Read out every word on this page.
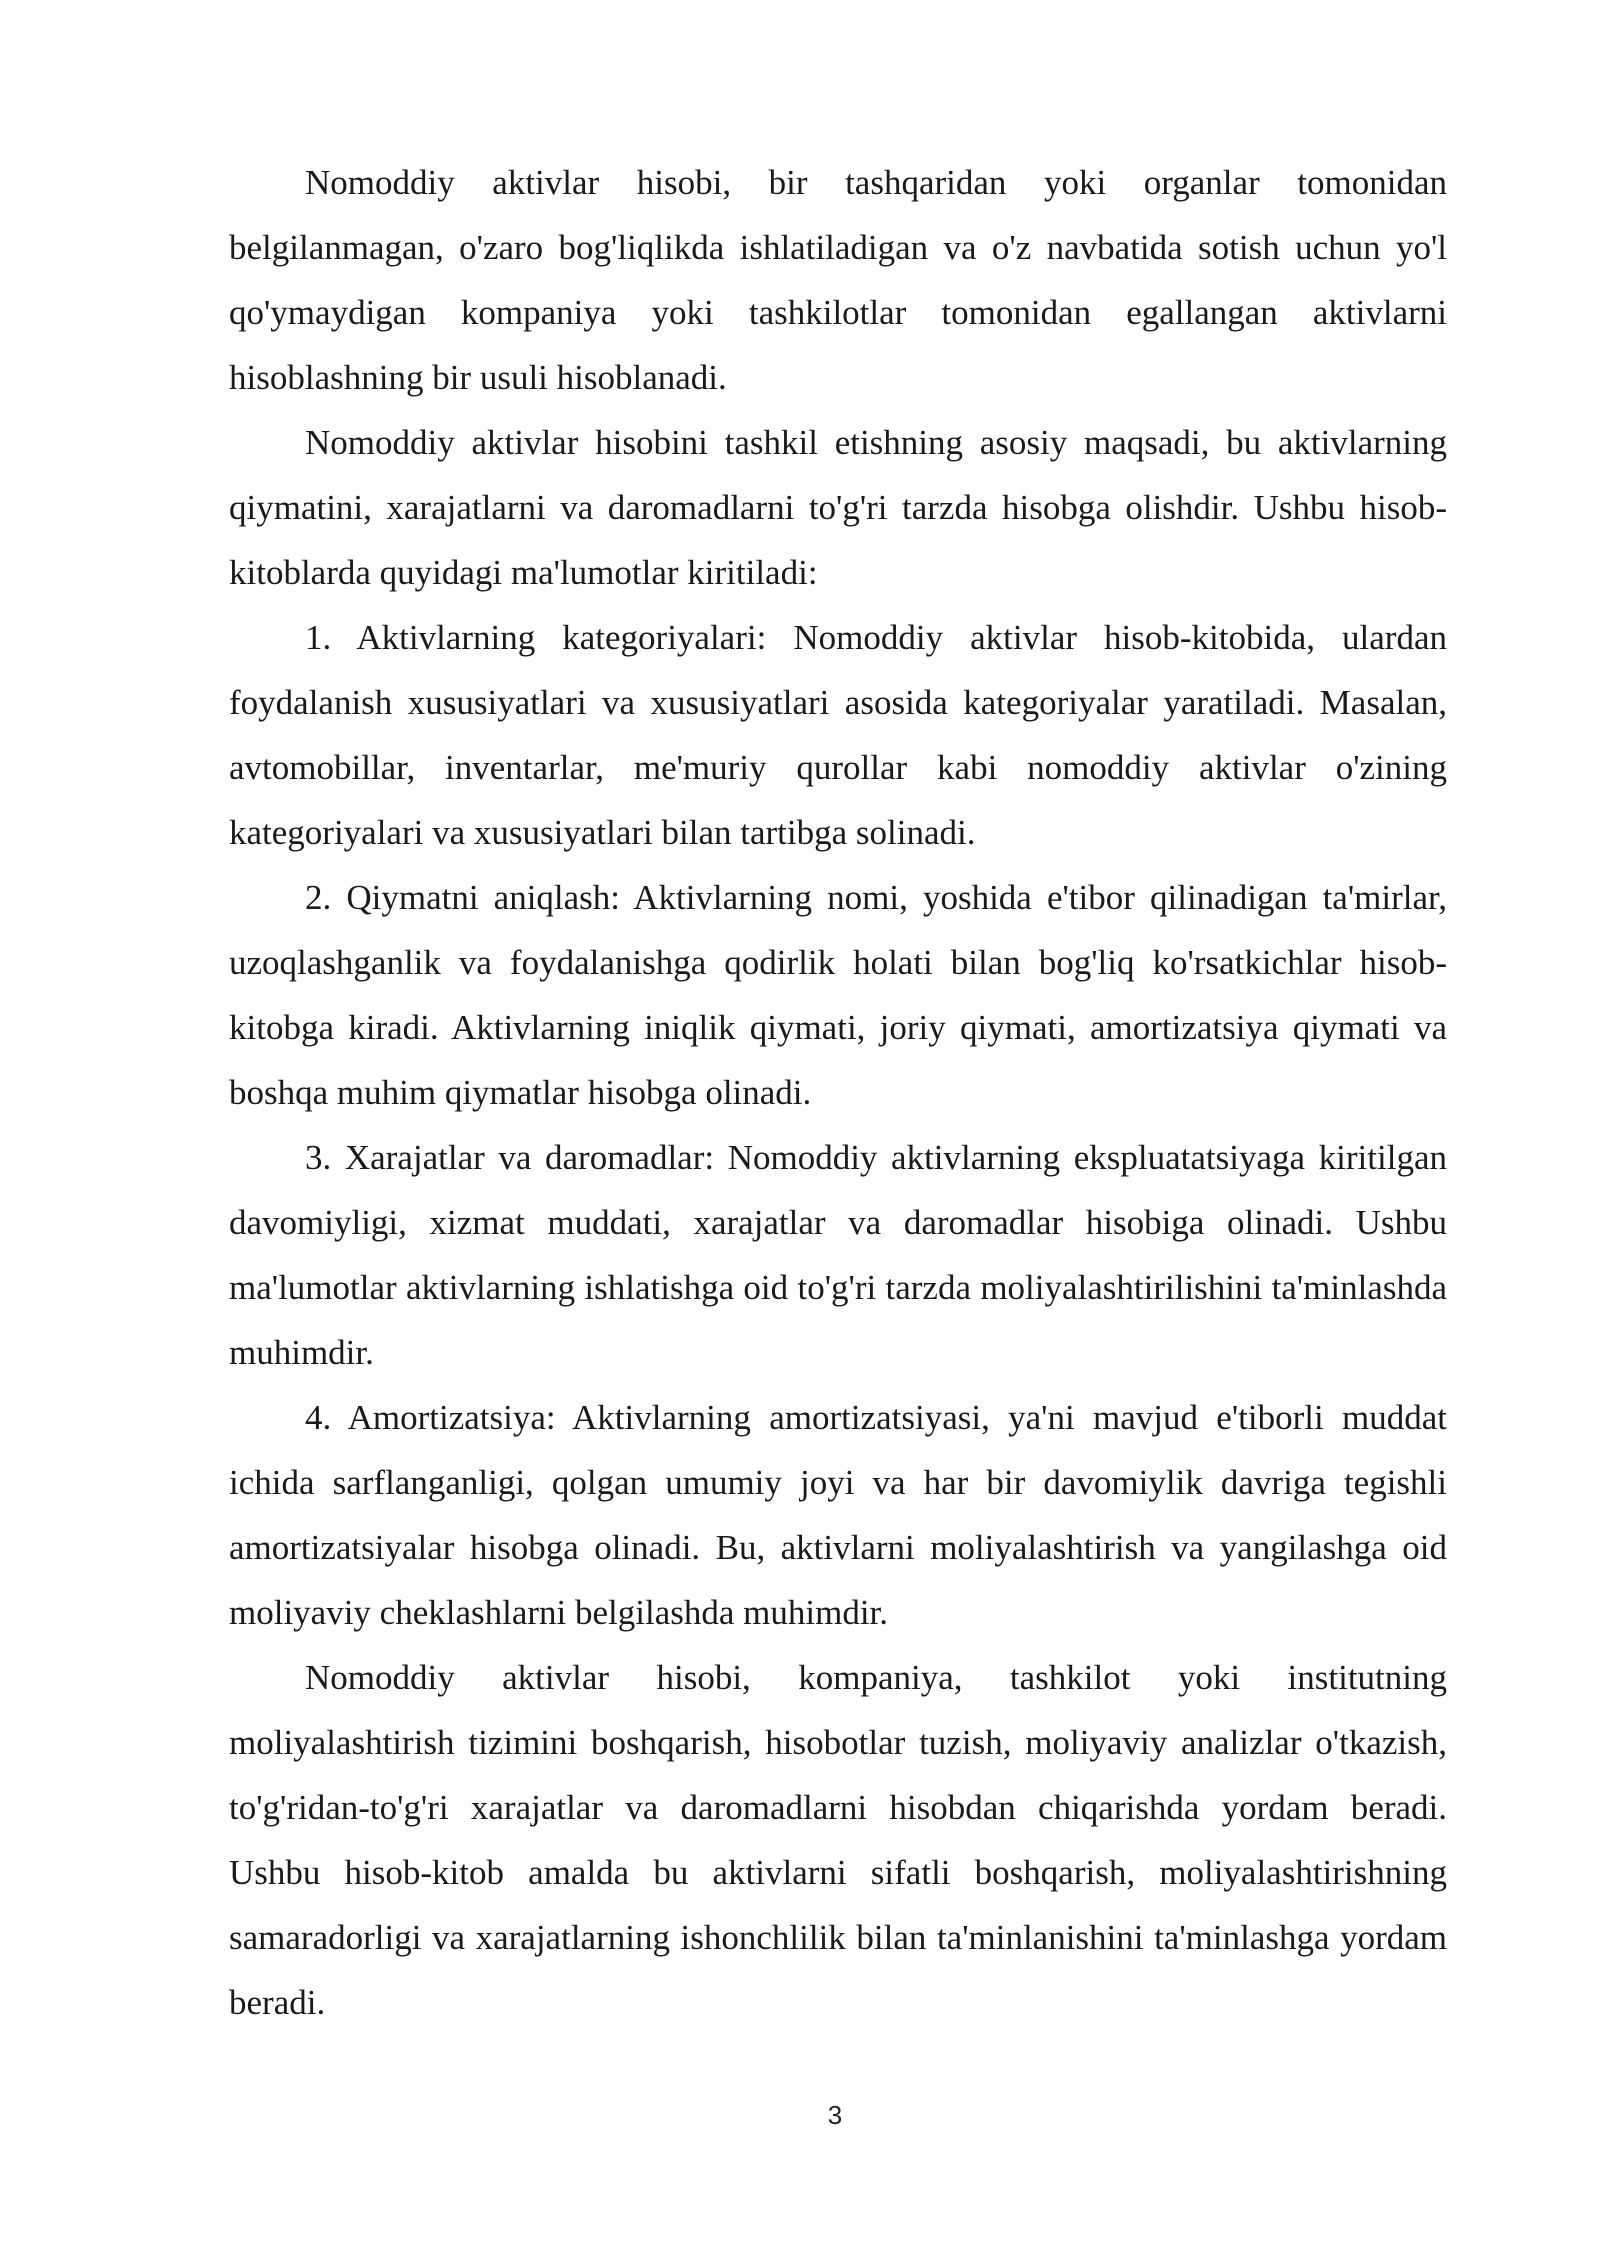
Nomoddiy aktivlar hisobi, bir tashqaridan yoki organlar tomonidan belgilanmagan, o'zaro bog'liqlikda ishlatiladigan va o'z navbatida sotish uchun yo'l qo'ymaydigan kompaniya yoki tashkilotlar tomonidan egallangan aktivlarni hisoblashning bir usuli hisoblanadi.

Nomoddiy aktivlar hisobini tashkil etishning asosiy maqsadi, bu aktivlarning qiymatini, xarajatlarni va daromadlarni to'g'ri tarzda hisobga olishdir. Ushbu hisob-kitoblarda quyidagi ma'lumotlar kiritiladi:

1. Aktivlarning kategoriyalari: Nomoddiy aktivlar hisob-kitobida, ulardan foydalanish xususiyatlari va xususiyatlari asosida kategoriyalar yaratiladi. Masalan, avtomobillar, inventarlar, me'muriy qurollar kabi nomoddiy aktivlar o'zining kategoriyalari va xususiyatlari bilan tartibga solinadi.

2. Qiymatni aniqlash: Aktivlarning nomi, yoshida e'tibor qilinadigan ta'mirlar, uzoqlashganlik va foydalanishga qodirlik holati bilan bog'liq ko'rsatkichlar hisob-kitobga kiradi. Aktivlarning iniqlik qiymati, joriy qiymati, amortizatsiya qiymati va boshqa muhim qiymatlar hisobga olinadi.

3. Xarajatlar va daromadlar: Nomoddiy aktivlarning ekspluatatsiyaga kiritilgan davomiyligi, xizmat muddati, xarajatlar va daromadlar hisobiga olinadi. Ushbu ma'lumotlar aktivlarning ishlatishga oid to'g'ri tarzda moliyalashtirilishini ta'minlashda muhimdir.

4. Amortizatsiya: Aktivlarning amortizatsiyasi, ya'ni mavjud e'tiborli muddat ichida sarflanganligi, qolgan umumiy joyi va har bir davomiylik davriga tegishli amortizatsiyalar hisobga olinadi. Bu, aktivlarni moliyalashtirish va yangilashga oid moliyaviy cheklashlarni belgilashda muhimdir.

Nomoddiy aktivlar hisobi, kompaniya, tashkilot yoki institutning moliyalashtirish tizimini boshqarish, hisobotlar tuzish, moliyaviy analizlar o'tkazish, to'g'ridan-to'g'ri xarajatlar va daromadlarni hisobdan chiqarishda yordam beradi. Ushbu hisob-kitob amalda bu aktivlarni sifatli boshqarish, moliyalashtirishning samaradorligi va xarajatlarning ishonchlilik bilan ta'minlanishini ta'minlashga yordam beradi.

3
